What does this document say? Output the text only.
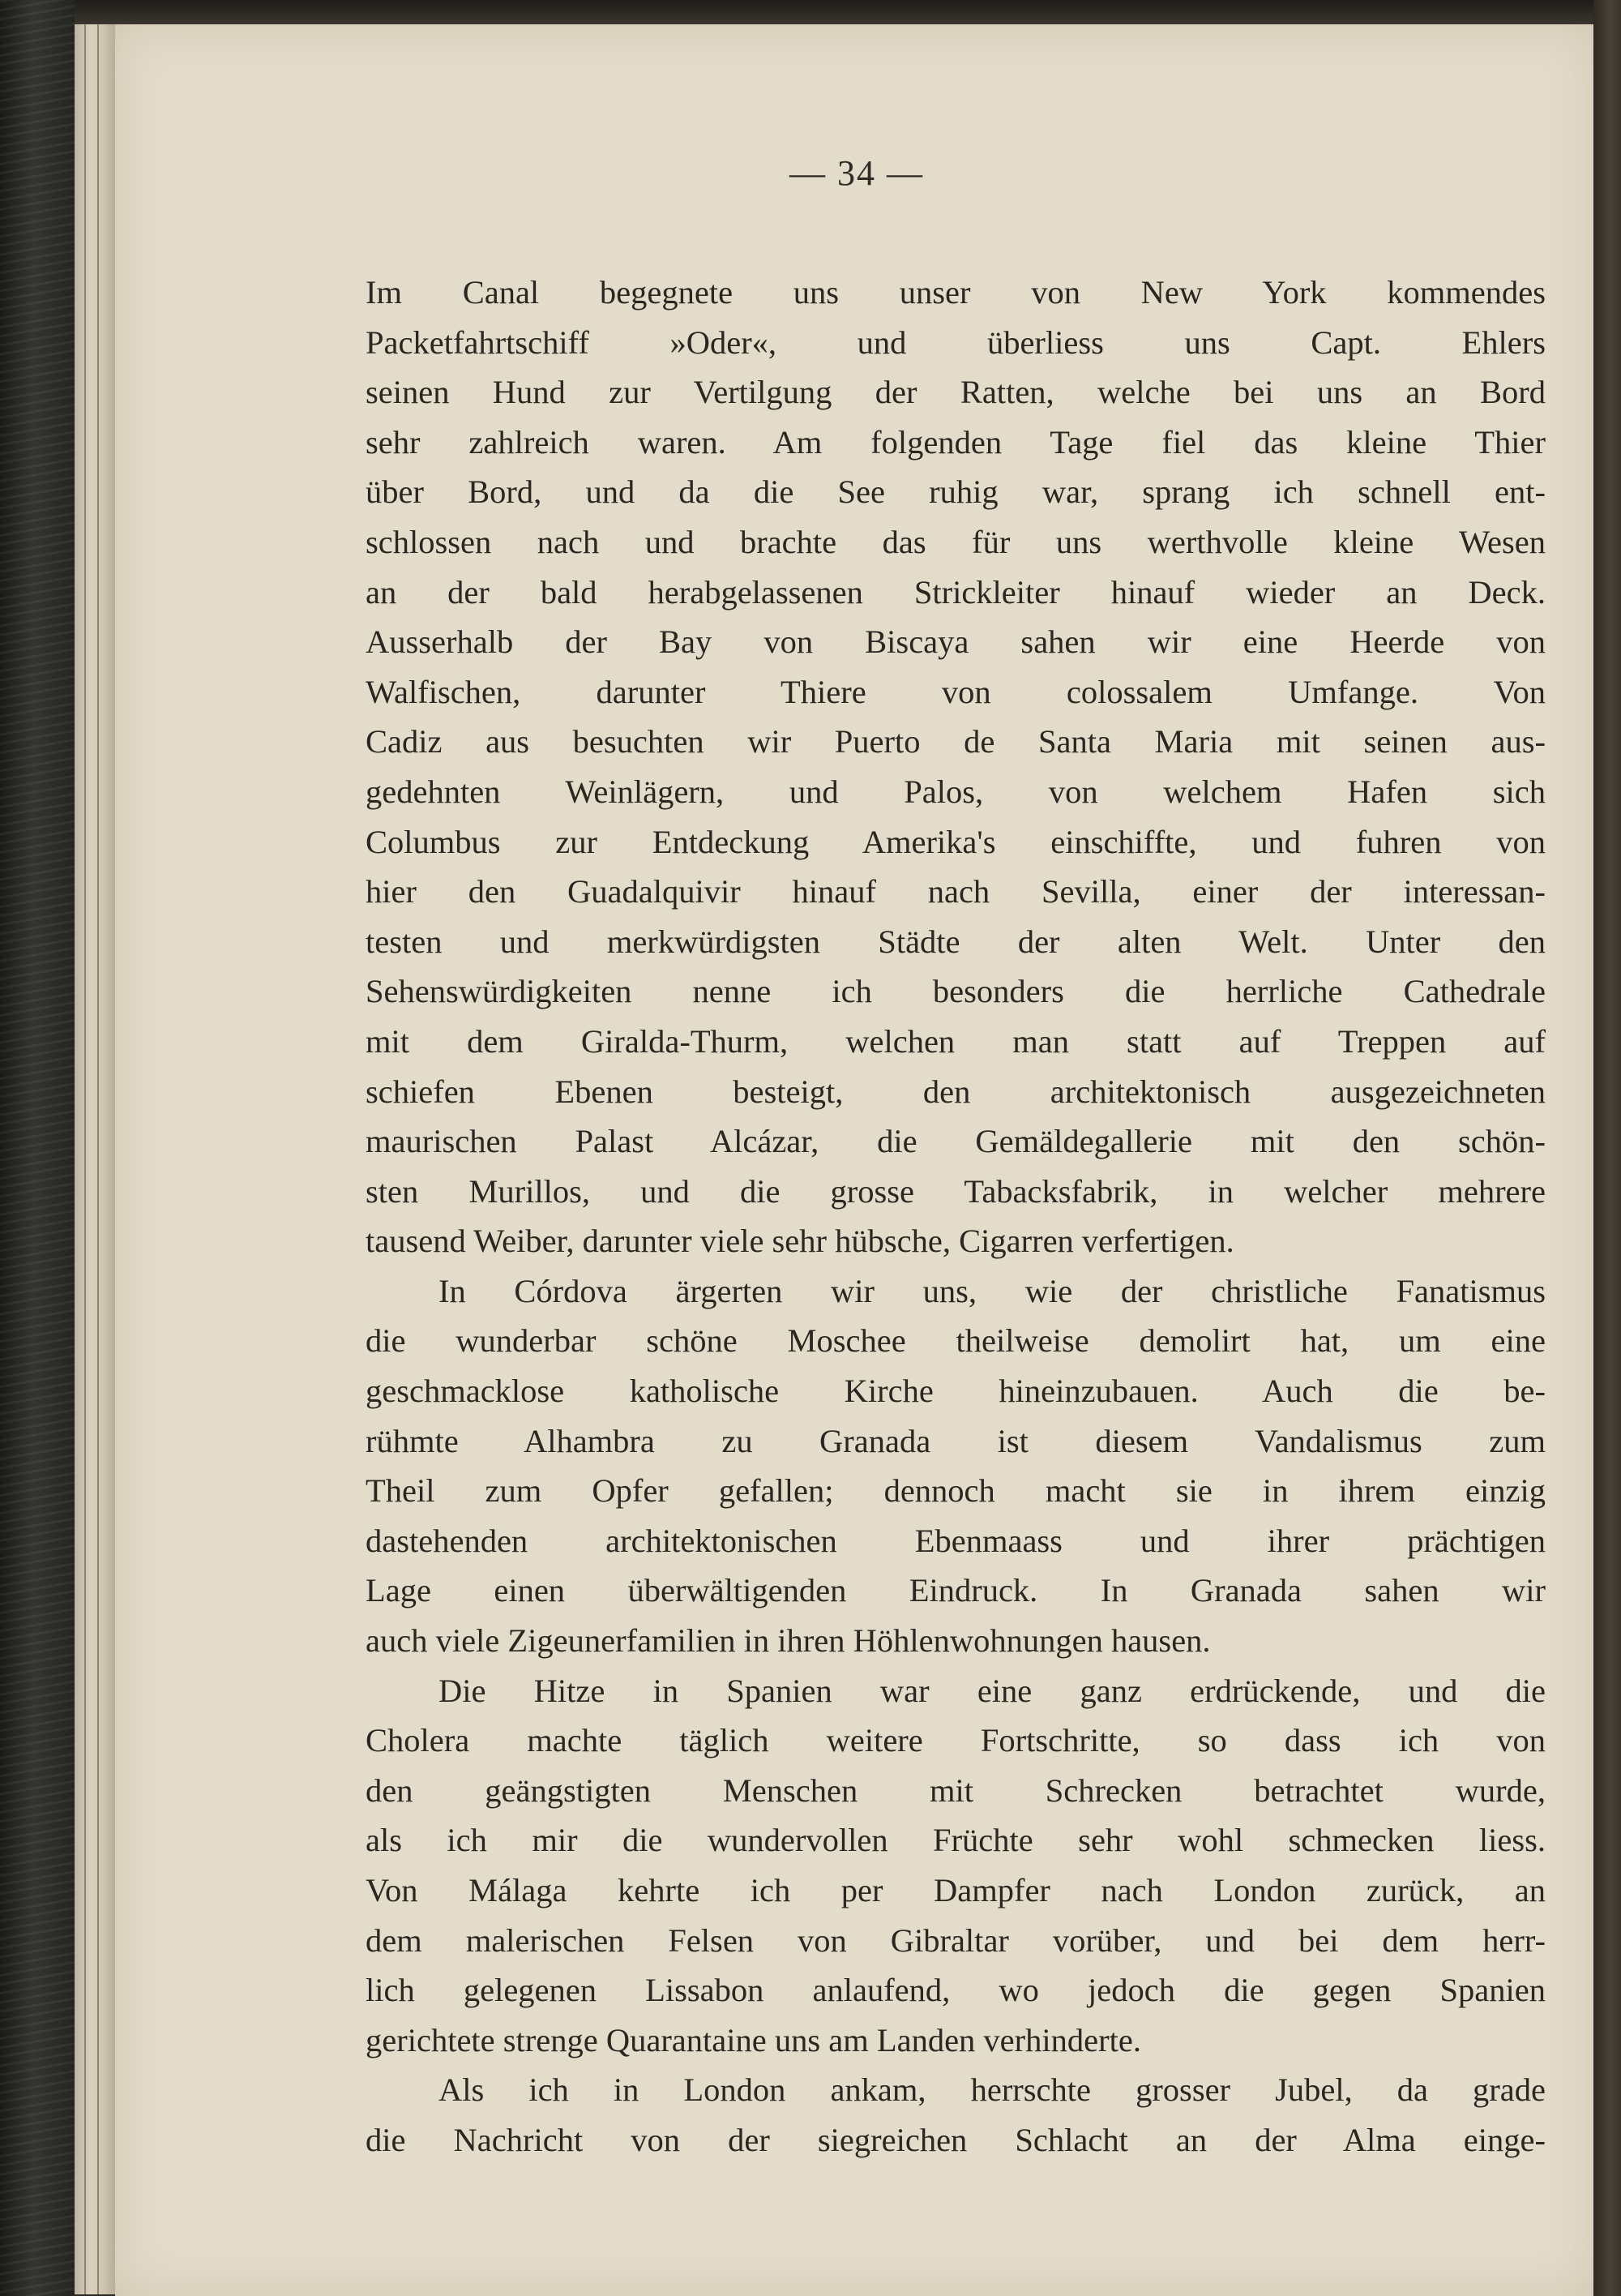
— 34 —
Im Canal begegnete uns unser von New York kommendes
Packetfahrtschiff »Oder«, und überliess uns Capt. Ehlers
seinen Hund zur Vertilgung der Ratten, welche bei uns an Bord
sehr zahlreich waren. Am folgenden Tage fiel das kleine Thier
über Bord, und da die See ruhig war, sprang ich schnell ent-
schlossen nach und brachte das für uns werthvolle kleine Wesen
an der bald herabgelassenen Strickleiter hinauf wieder an Deck.
Ausserhalb der Bay von Biscaya sahen wir eine Heerde von
Walfischen, darunter Thiere von colossalem Umfange. Von
Cadiz aus besuchten wir Puerto de Santa Maria mit seinen aus-
gedehnten Weinlägern, und Palos, von welchem Hafen sich
Columbus zur Entdeckung Amerika's einschiffte, und fuhren von
hier den Guadalquivir hinauf nach Sevilla, einer der interessan-
testen und merkwürdigsten Städte der alten Welt. Unter den
Sehenswürdigkeiten nenne ich besonders die herrliche Cathedrale
mit dem Giralda-Thurm, welchen man statt auf Treppen auf
schiefen Ebenen besteigt, den architektonisch ausgezeichneten
maurischen Palast Alcázar, die Gemäldegallerie mit den schön-
sten Murillos, und die grosse Tabacksfabrik, in welcher mehrere
tausend Weiber, darunter viele sehr hübsche, Cigarren verfertigen.
In Córdova ärgerten wir uns, wie der christliche Fanatismus
die wunderbar schöne Moschee theilweise demolirt hat, um eine
geschmacklose katholische Kirche hineinzubauen. Auch die be-
rühmte Alhambra zu Granada ist diesem Vandalismus zum
Theil zum Opfer gefallen; dennoch macht sie in ihrem einzig
dastehenden architektonischen Ebenmaass und ihrer prächtigen
Lage einen überwältigenden Eindruck. In Granada sahen wir
auch viele Zigeunerfamilien in ihren Höhlenwohnungen hausen.
Die Hitze in Spanien war eine ganz erdrückende, und die
Cholera machte täglich weitere Fortschritte, so dass ich von
den geängstigten Menschen mit Schrecken betrachtet wurde,
als ich mir die wundervollen Früchte sehr wohl schmecken liess.
Von Málaga kehrte ich per Dampfer nach London zurück, an
dem malerischen Felsen von Gibraltar vorüber, und bei dem herr-
lich gelegenen Lissabon anlaufend, wo jedoch die gegen Spanien
gerichtete strenge Quarantaine uns am Landen verhinderte.
Als ich in London ankam, herrschte grosser Jubel, da grade
die Nachricht von der siegreichen Schlacht an der Alma einge-
